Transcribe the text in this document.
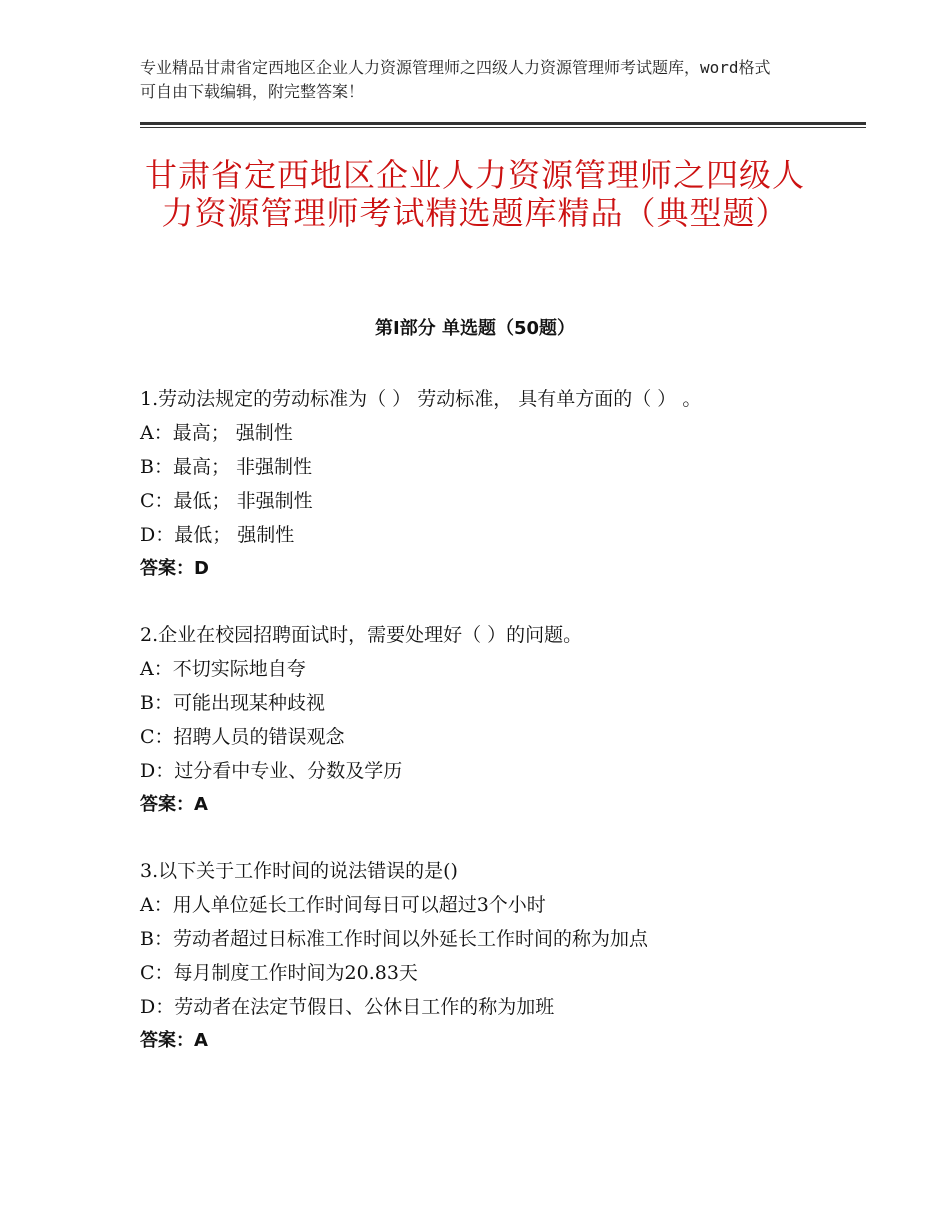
专业精品甘肃省定西地区企业人力资源管理师之四级人力资源管理师考试题库，word格式可自由下载编辑，附完整答案！
甘肃省定西地区企业人力资源管理师之四级人力资源管理师考试精选题库精品（典型题）
第Ⅰ部分 单选题（50题）
1.劳动法规定的劳动标准为（ ） 劳动标准， 具有单方面的（ ） 。
A：最高； 强制性
B：最高； 非强制性
C：最低； 非强制性
D：最低； 强制性
答案：D
2.企业在校园招聘面试时，需要处理好（ ）的问题。
A：不切实际地自夸
B：可能出现某种歧视
C：招聘人员的错误观念
D：过分看中专业、分数及学历
答案：A
3.以下关于工作时间的说法错误的是()
A：用人单位延长工作时间每日可以超过3个小时
B：劳动者超过日标准工作时间以外延长工作时间的称为加点
C：每月制度工作时间为20.83天
D：劳动者在法定节假日、公休日工作的称为加班
答案：A
